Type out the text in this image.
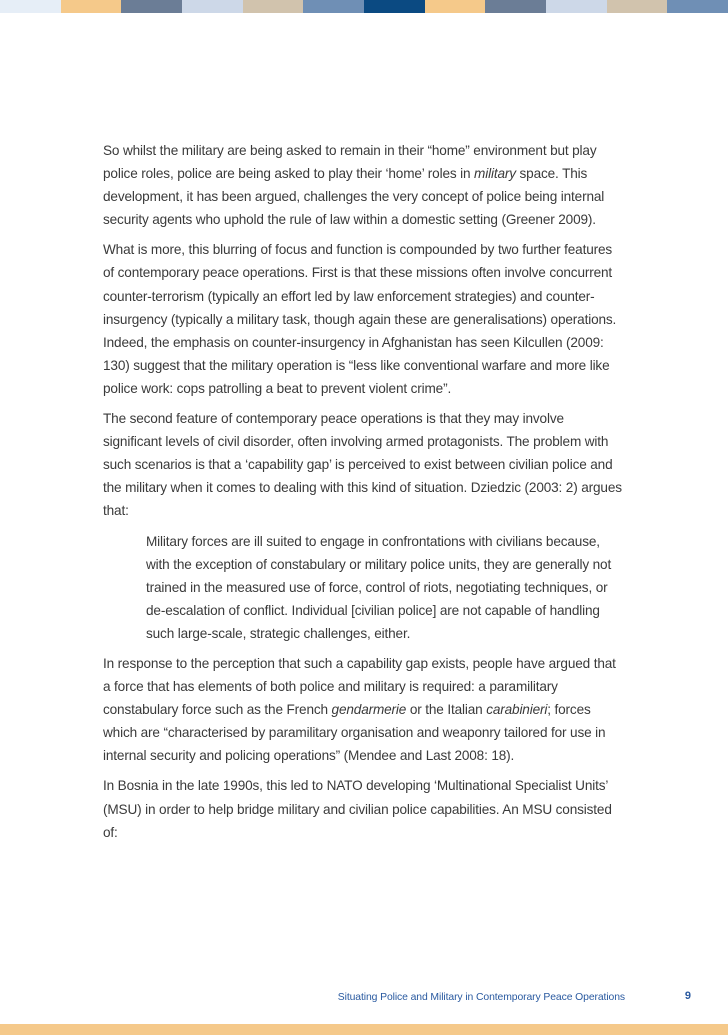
So whilst the military are being asked to remain in their “home” environment but play police roles, police are being asked to play their ‘home’ roles in military space. This development, it has been argued, challenges the very concept of police being internal security agents who uphold the rule of law within a domestic setting (Greener 2009).

What is more, this blurring of focus and function is compounded by two further features of contemporary peace operations. First is that these missions often involve concurrent counter-terrorism (typically an effort led by law enforcement strategies) and counter-insurgency (typically a military task, though again these are generalisations) operations. Indeed, the emphasis on counter-insurgency in Afghanistan has seen Kilcullen (2009: 130) suggest that the military operation is “less like conventional warfare and more like police work: cops patrolling a beat to prevent violent crime”.

The second feature of contemporary peace operations is that they may involve significant levels of civil disorder, often involving armed protagonists. The problem with such scenarios is that a ‘capability gap’ is perceived to exist between civilian police and the military when it comes to dealing with this kind of situation. Dziedzic (2003: 2) argues that:

Military forces are ill suited to engage in confrontations with civilians because, with the exception of constabulary or military police units, they are generally not trained in the measured use of force, control of riots, negotiating techniques, or de-escalation of conflict. Individual [civilian police] are not capable of handling such large-scale, strategic challenges, either.

In response to the perception that such a capability gap exists, people have argued that a force that has elements of both police and military is required: a paramilitary constabulary force such as the French gendarmerie or the Italian carabinieri; forces which are “characterised by paramilitary organisation and weaponry tailored for use in internal security and policing operations” (Mendee and Last 2008: 18).

In Bosnia in the late 1990s, this led to NATO developing ‘Multinational Specialist Units’ (MSU) in order to help bridge military and civilian police capabilities. An MSU consisted of:

Situating Police and Military in Contemporary Peace Operations	9
